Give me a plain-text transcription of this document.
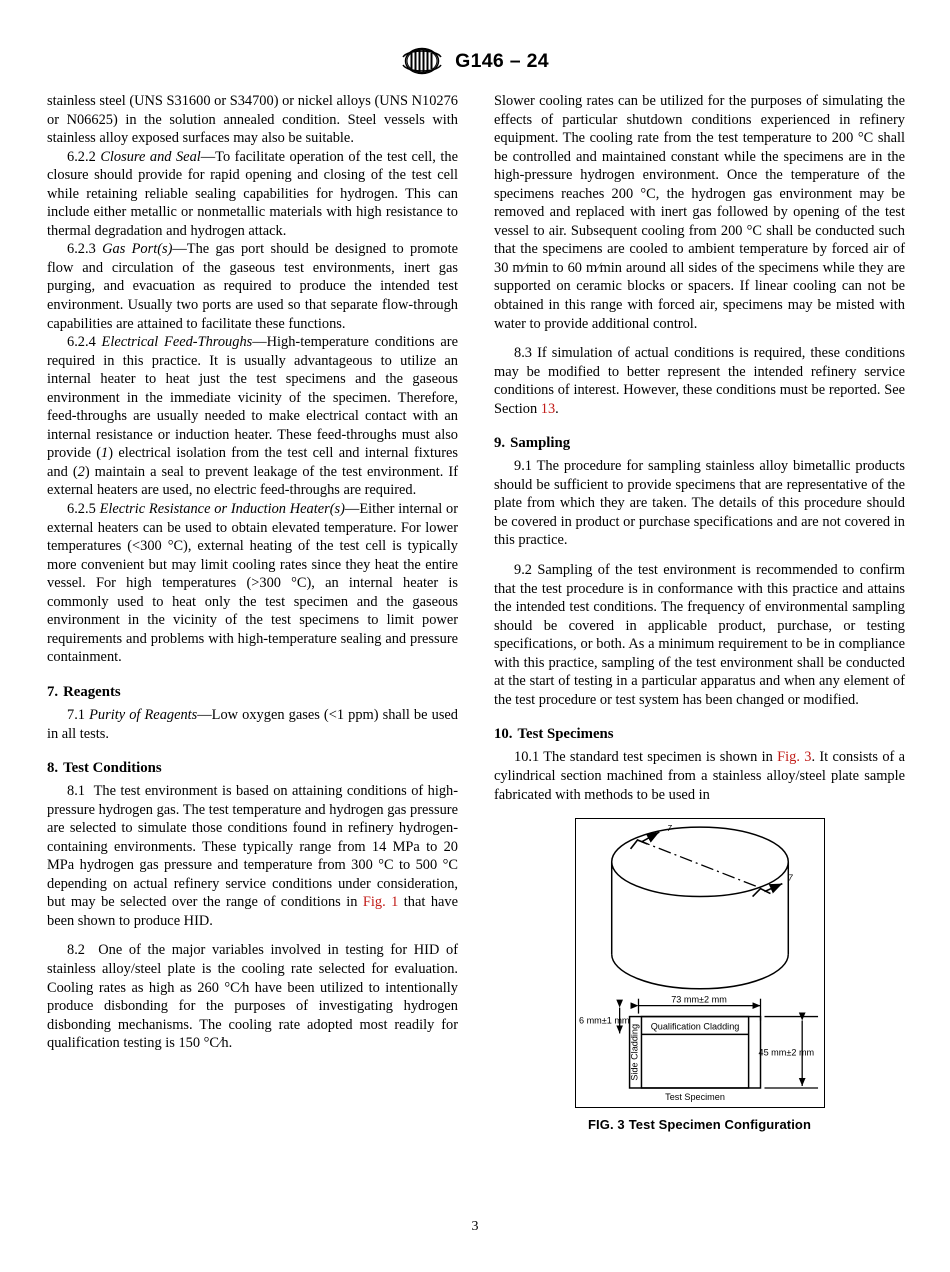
G146 – 24

stainless steel (UNS S31600 or S34700) or nickel alloys (UNS N10276 or N06625) in the solution annealed condition. Steel vessels with stainless alloy exposed surfaces may also be suitable.

6.2.2 Closure and Seal—To facilitate operation of the test cell, the closure should provide for rapid opening and closing of the test cell while retaining reliable sealing capabilities for hydrogen. This can include either metallic or nonmetallic materials with high resistance to thermal degradation and hydrogen attack.

6.2.3 Gas Port(s)—The gas port should be designed to promote flow and circulation of the gaseous test environments, inert gas purging, and evacuation as required to produce the intended test environment. Usually two ports are used so that separate flow-through capabilities are attained to facilitate these functions.

6.2.4 Electrical Feed-Throughs—High-temperature conditions are required in this practice. It is usually advantageous to utilize an internal heater to heat just the test specimens and the gaseous environment in the immediate vicinity of the specimen. Therefore, feed-throughs are usually needed to make electrical contact with an internal resistance or induction heater. These feed-throughs must also provide (1) electrical isolation from the test cell and internal fixtures and (2) maintain a seal to prevent leakage of the test environment. If external heaters are used, no electric feed-throughs are required.

6.2.5 Electric Resistance or Induction Heater(s)—Either internal or external heaters can be used to obtain elevated temperature. For lower temperatures (<300 °C), external heating of the test cell is typically more convenient but may limit cooling rates since they heat the entire vessel. For high temperatures (>300 °C), an internal heater is commonly used to heat only the test specimen and the gaseous environment in the vicinity of the test specimens to limit power requirements and problems with high-temperature sealing and pressure containment.

7. Reagents

7.1 Purity of Reagents—Low oxygen gases (<1 ppm) shall be used in all tests.

8. Test Conditions

8.1 The test environment is based on attaining conditions of high-pressure hydrogen gas. The test temperature and hydrogen gas pressure are selected to simulate those conditions found in refinery hydrogen-containing environments. These typically range from 14 MPa to 20 MPa hydrogen gas pressure and temperature from 300 °C to 500 °C depending on actual refinery service conditions under consideration, but may be selected over the range of conditions in Fig. 1 that have been shown to produce HID.

8.2 One of the major variables involved in testing for HID of stainless alloy/steel plate is the cooling rate selected for evaluation. Cooling rates as high as 260 °C∕h have been utilized to intentionally produce disbonding for the purposes of investigating hydrogen disbonding mechanisms. The cooling rate adopted most readily for qualification testing is 150 °C∕h.

Slower cooling rates can be utilized for the purposes of simulating the effects of particular shutdown conditions experienced in refinery equipment. The cooling rate from the test temperature to 200 °C shall be controlled and maintained constant while the specimens are in the high-pressure hydrogen environment. Once the temperature of the specimens reaches 200 °C, the hydrogen gas environment may be removed and replaced with inert gas followed by opening of the test vessel to air. Subsequent cooling from 200 °C shall be conducted such that the specimens are cooled to ambient temperature by forced air of 30 m∕min to 60 m∕min around all sides of the specimens while they are supported on ceramic blocks or spacers. If linear cooling can not be obtained in this range with forced air, specimens may be misted with water to provide additional control.

8.3 If simulation of actual conditions is required, these conditions may be modified to better represent the intended refinery service conditions of interest. However, these conditions must be reported. See Section 13.

9. Sampling

9.1 The procedure for sampling stainless alloy bimetallic products should be sufficient to provide specimens that are representative of the plate from which they are taken. The details of this procedure should be covered in product or purchase specifications and are not covered in this practice.

9.2 Sampling of the test environment is recommended to confirm that the test procedure is in conformance with this practice and attains the intended test conditions. The frequency of environmental sampling should be covered in applicable product, purchase, or testing specifications, or both. As a minimum requirement to be in compliance with this practice, sampling of the test environment shall be conducted at the start of testing in a particular apparatus and when any element of the test procedure or test system has been changed or modified.

10. Test Specimens

10.1 The standard test specimen is shown in Fig. 3. It consists of a cylindrical section machined from a stainless alloy/steel plate sample fabricated with methods to be used in

7
7
73 mm±2 mm
6 mm±1 mm
Qualification Cladding
Side Cladding	45 mm±2 mm
Test Specimen
FIG. 3 Test Specimen Configuration
3
